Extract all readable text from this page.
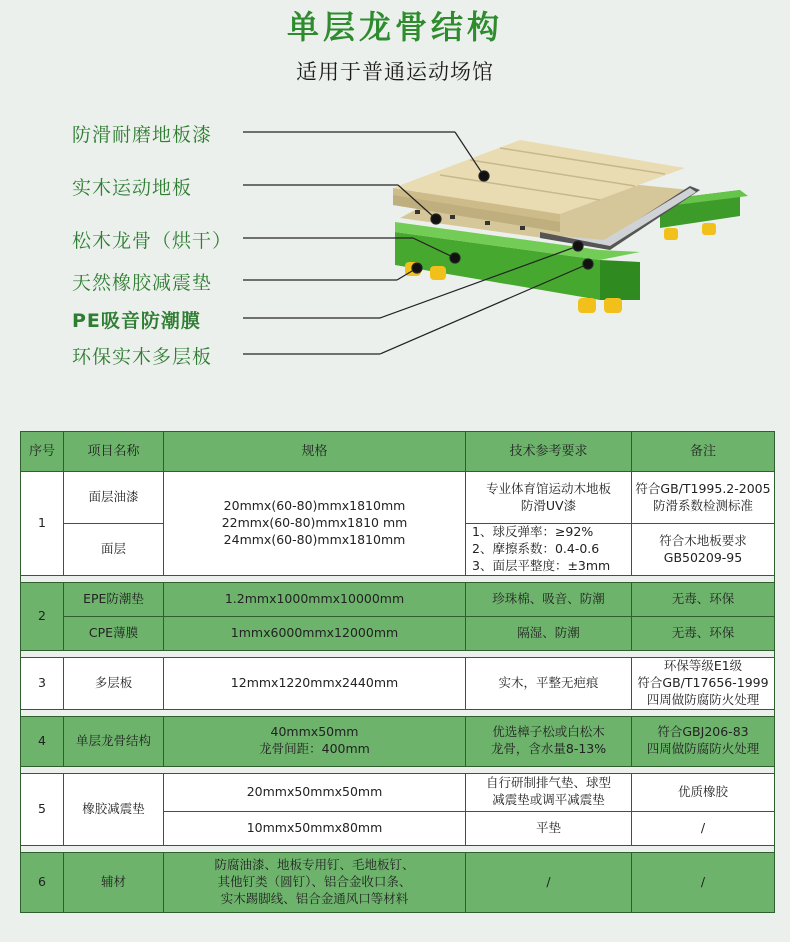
单层龙骨结构
适用于普通运动场馆
防滑耐磨地板漆
实木运动地板
松木龙骨（烘干）
天然橡胶减震垫
PE吸音防潮膜
环保实木多层板
序号	项目名称	规格	技术参考要求	备注
1	面层油漆	20mmx(60-80)mmx1810mm
22mmx(60-80)mmx1810 mm
24mmx(60-80)mmx1810mm	专业体育馆运动木地板
防滑UV漆	符合GB/T1995.2-2005
防滑系数检测标准

	面层		1、球反弹率：≥92%
2、摩擦系数：0.4-0.6
3、面层平整度：±3mm	符合木地板要求
GB50209-95

2	EPE防潮垫	1.2mmx1000mmx10000mm	珍珠棉、吸音、防潮	无毒、环保
	CPE薄膜	1mmx6000mmx12000mm	隔湿、防潮	无毒、环保

3	多层板	12mmx1220mmx2440mm	实木，平整无疤痕	环保等级E1级
符合GB/T17656-1999
四周做防腐防火处理

4	单层龙骨结构	40mmx50mm
龙骨间距：400mm	优选樟子松或白松木
龙骨，含水量8-13%	符合GBJ206-83
四周做防腐防火处理

5	橡胶减震垫	20mmx50mmx50mm	自行研制排气垫、球型
减震垫或调平减震垫	优质橡胶
		10mmx50mmx80mm	平垫	/

6	辅材	防腐油漆、地板专用钉、毛地板钉、
其他钉类（圆钉）、铝合金收口条、
实木踢脚线、铝合金通风口等材料	/	/
